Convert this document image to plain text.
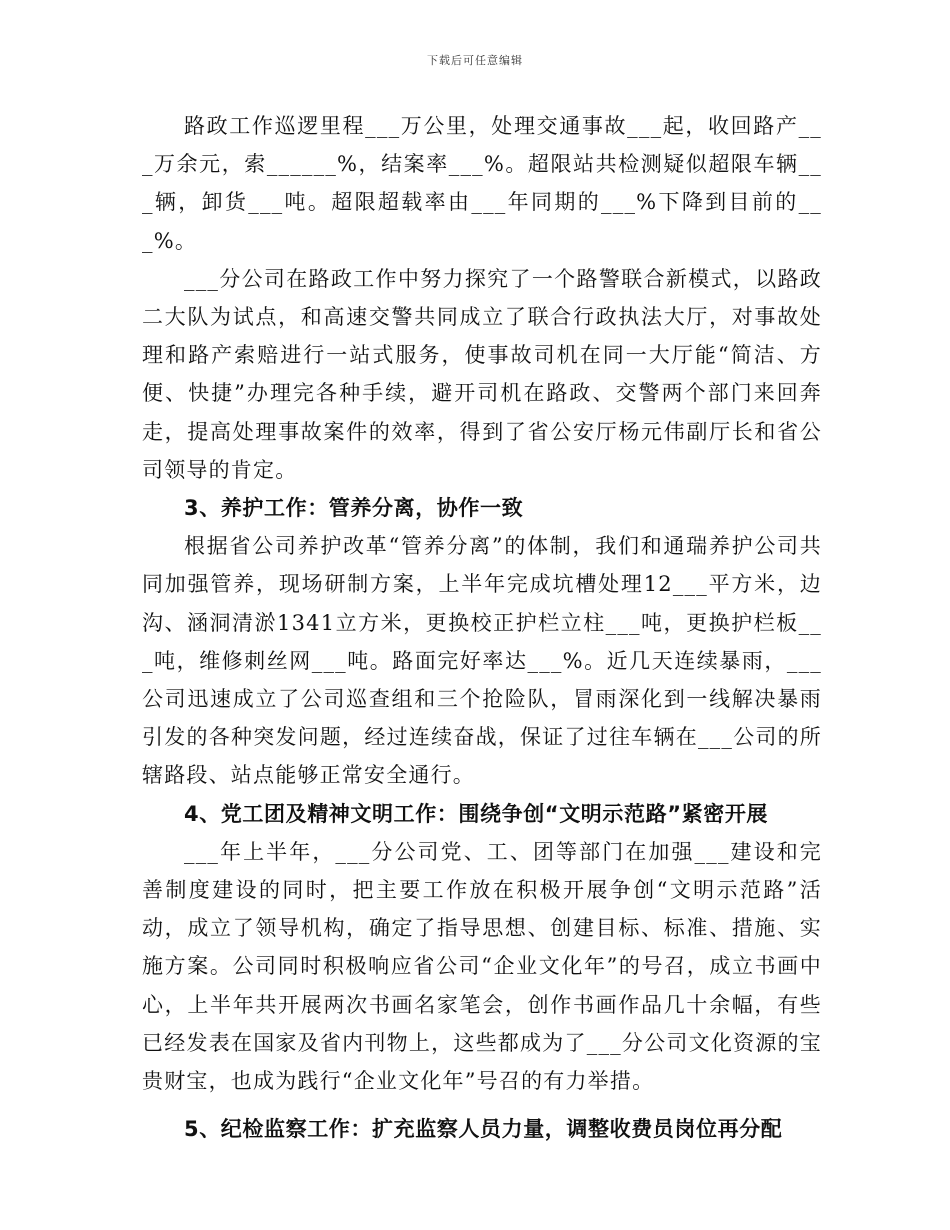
下载后可任意编辑

路政工作巡逻里程___万公里，处理交通事故___起，收回路产___万余元，索______%，结案率___%。超限站共检测疑似超限车辆___辆，卸货___吨。超限超载率由___年同期的___%下降到目前的___%。

___分公司在路政工作中努力探究了一个路警联合新模式，以路政二大队为试点，和高速交警共同成立了联合行政执法大厅，对事故处理和路产索赔进行一站式服务，使事故司机在同一大厅能“简洁、方便、快捷”办理完各种手续，避开司机在路政、交警两个部门来回奔走，提高处理事故案件的效率，得到了省公安厅杨元伟副厅长和省公司领导的肯定。

3、养护工作：管养分离，协作一致

根据省公司养护改革“管养分离”的体制，我们和通瑞养护公司共同加强管养，现场研制方案，上半年完成坑槽处理12___平方米，边沟、涵洞清淤1341立方米，更换校正护栏立柱___吨，更换护栏板___吨，维修刺丝网___吨。路面完好率达___%。近几天连续暴雨，___公司迅速成立了公司巡查组和三个抢险队，冒雨深化到一线解决暴雨引发的各种突发问题，经过连续奋战，保证了过往车辆在___公司的所辖路段、站点能够正常安全通行。

4、党工团及精神文明工作：围绕争创“文明示范路”紧密开展

___年上半年，___分公司党、工、团等部门在加强___建设和完善制度建设的同时，把主要工作放在积极开展争创“文明示范路”活动，成立了领导机构，确定了指导思想、创建目标、标准、措施、实施方案。公司同时积极响应省公司“企业文化年”的号召，成立书画中心，上半年共开展两次书画名家笔会，创作书画作品几十余幅，有些已经发表在国家及省内刊物上，这些都成为了___分公司文化资源的宝贵财宝，也成为践行“企业文化年”号召的有力举措。

5、纪检监察工作：扩充监察人员力量，调整收费员岗位再分配
